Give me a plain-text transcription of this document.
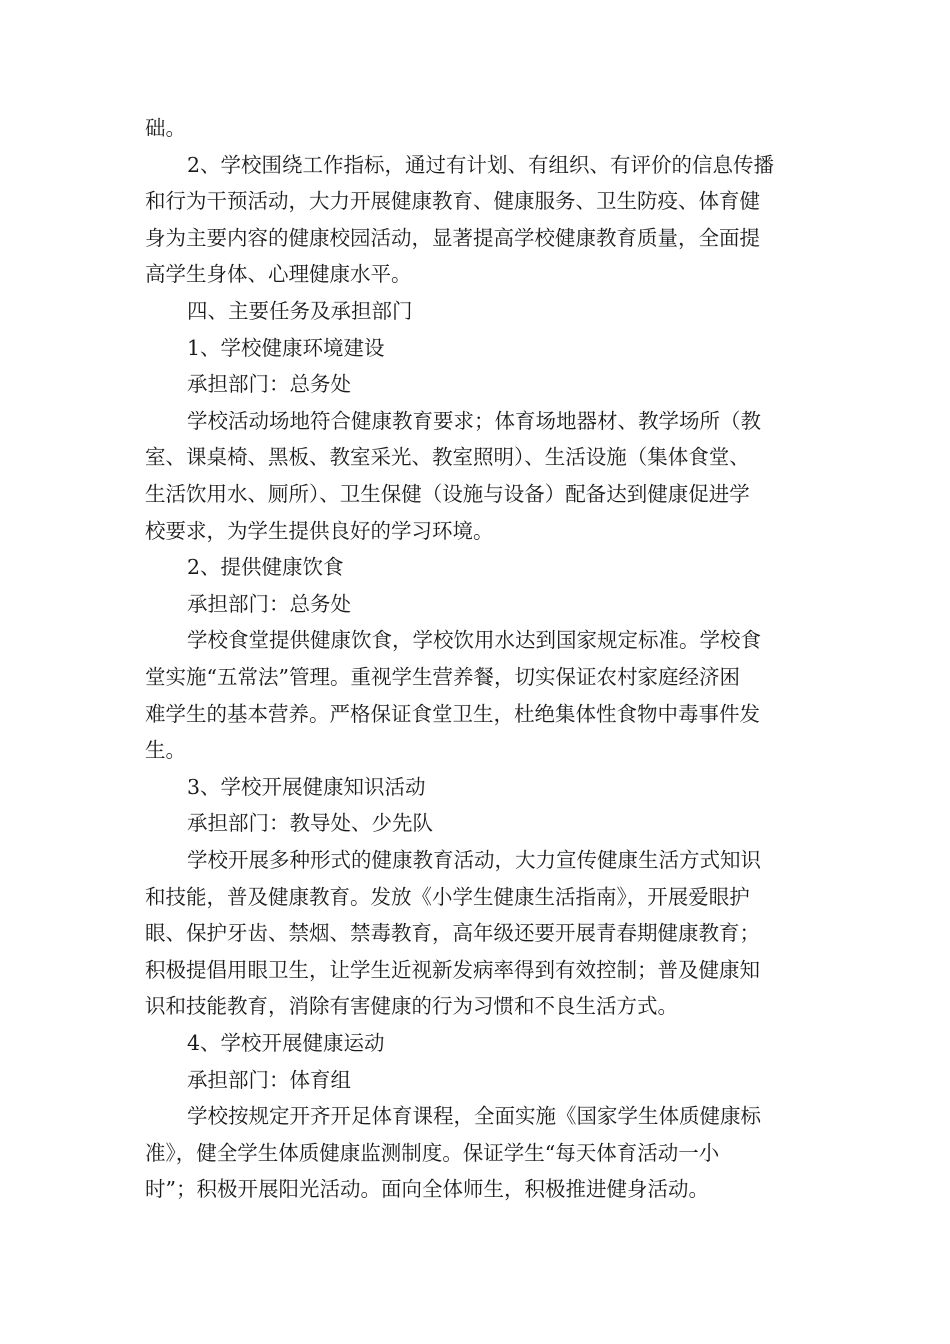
础。
2、学校围绕工作指标，通过有计划、有组织、有评价的信息传播
和行为干预活动，大力开展健康教育、健康服务、卫生防疫、体育健
身为主要内容的健康校园活动，显著提高学校健康教育质量，全面提
高学生身体、心理健康水平。
四、主要任务及承担部门
1、学校健康环境建设
承担部门：总务处
学校活动场地符合健康教育要求；体育场地器材、教学场所（教
室、课桌椅、黑板、教室采光、教室照明）、生活设施（集体食堂、
生活饮用水、厕所）、卫生保健（设施与设备）配备达到健康促进学
校要求，为学生提供良好的学习环境。
2、提供健康饮食
承担部门：总务处
学校食堂提供健康饮食，学校饮用水达到国家规定标准。学校食
堂实施“五常法”管理。重视学生营养餐，切实保证农村家庭经济困
难学生的基本营养。严格保证食堂卫生，杜绝集体性食物中毒事件发
生。
3、学校开展健康知识活动
承担部门：教导处、少先队
学校开展多种形式的健康教育活动，大力宣传健康生活方式知识
和技能，普及健康教育。发放《小学生健康生活指南》，开展爱眼护
眼、保护牙齿、禁烟、禁毒教育，高年级还要开展青春期健康教育；
积极提倡用眼卫生，让学生近视新发病率得到有效控制；普及健康知
识和技能教育，消除有害健康的行为习惯和不良生活方式。
4、学校开展健康运动
承担部门：体育组
学校按规定开齐开足体育课程，全面实施《国家学生体质健康标
准》，健全学生体质健康监测制度。保证学生“每天体育活动一小
时”；积极开展阳光活动。面向全体师生，积极推进健身活动。
